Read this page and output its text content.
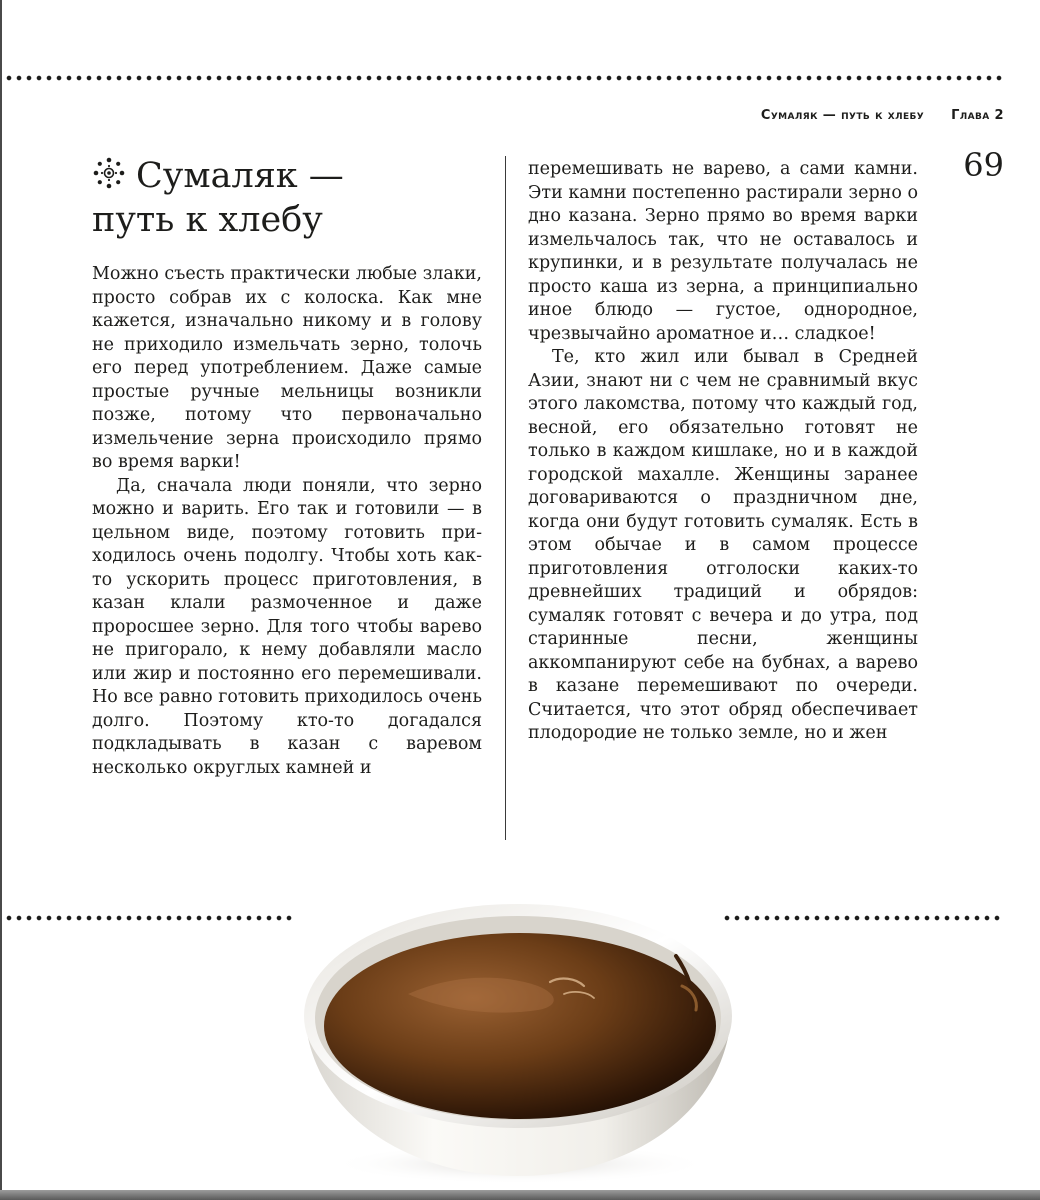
Сумаляк — путь к хлебу Глава 2
69
Сумаляк —
путь к хлебу

Можно съесть практически любые злаки, просто собрав их с колоска. Как мне кажется, изначально никому и в голову не приходило измельчать зерно, толочь его перед употреблением. Даже самые простые ручные мельницы возникли позже, потому что первоначально измельчение зерна происходило прямо во время варки!

Да, сначала люди поняли, что зерно можно и варить. Его так и готовили — в цельном виде, поэтому готовить приходилось очень подолгу. Чтобы хоть как-то ускорить процесс приготовления, в казан клали размоченное и даже проросшее зерно. Для того чтобы варево не пригорало, к нему добавляли масло или жир и постоянно его перемешивали. Но все равно готовить приходилось очень долго. Поэтому кто-то догадался подкладывать в казан с варевом несколько округлых камней и

перемешивать не варево, а сами камни. Эти камни постепенно растирали зерно о дно казана. Зерно прямо во время варки измельчалось так, что не оставалось и крупинки, и в результате получалась не просто каша из зерна, а принципиально иное блюдо — густое, однородное, чрезвычайно ароматное и… сладкое!

Те, кто жил или бывал в Средней Азии, знают ни с чем не сравнимый вкус этого лакомства, потому что каждый год, весной, его обязательно готовят не только в каждом кишлаке, но и в каждой городской махалле. Женщины заранее договариваются о праздничном дне, когда они будут готовить сумаляк. Есть в этом обычае и в самом процессе приготовления отголоски каких-то древнейших традиций и обрядов: сумаляк готовят с вечера и до утра, под старинные песни, женщины аккомпанируют себе на бубнах, а варево в казане перемешивают по очереди. Считается, что этот обряд обеспечивает плодородие не только земле, но и жен
